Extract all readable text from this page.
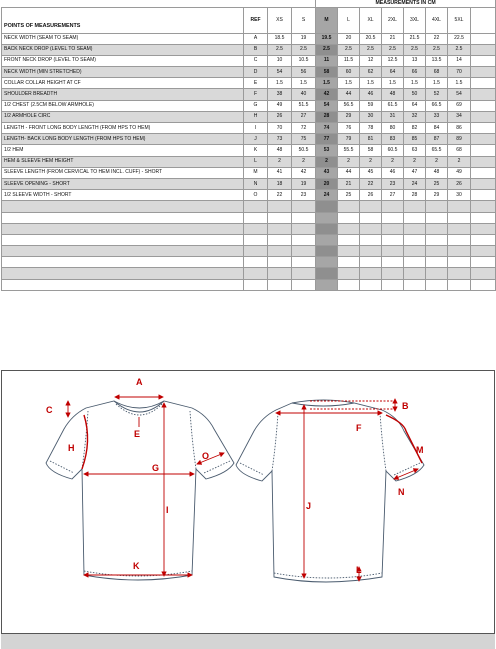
				MEASUREMENTS IN CM							
POINTS OF MEASUREMENTS	REF	XS	S	M	L	XL	2XL	3XL	4XL	5XL	
NECK WIDTH (SEAM TO SEAM)	A	18.5	19	19.5	20	20.5	21	21.5	22	22.5	
BACK NECK DROP (LEVEL TO SEAM)	B	2.5	2.5	2.5	2.5	2.5	2.5	2.5	2.5	2.5	
FRONT NECK DROP (LEVEL TO SEAM)	C	10	10.5	11	11.5	12	12.5	13	13.5	14	
NECK WIDTH (MIN STRETCHED)	D	54	56	58	60	62	64	66	68	70	
COLLAR COLLAR HEIGHT AT CF	E	1.5	1.5	1.5	1.5	1.5	1.5	1.5	1.5	1.5	
SHOULDER BREADTH	F	38	40	42	44	46	48	50	52	54	
1/2 CHEST (2.5CM BELOW ARMHOLE)	G	49	51.5	54	56.5	59	61.5	64	66.5	69	
1/2 ARMHOLE CIRC	H	26	27	28	29	30	31	32	33	34	
LENGTH - FRONT LONG BODY LENGTH (FROM HPS TO HEM)	I	70	72	74	76	78	80	82	84	86	
LENGTH- BACK LONG BODY LENGTH (FROM HPS TO HEM)	J	73	75	77	79	81	83	85	87	89	
1/2 HEM	K	48	50.5	53	55.5	58	60.5	63	65.5	68	
HEM & SLEEVE HEM HEIGHT	L	2	2	2	2	2	2	2	2	2	
SLEEVE LENGTH (FROM CERVICAL TO HEM INCL. CUFF) - SHORT	M	41	42	43	44	45	46	47	48	49	
SLEEVE OPENING - SHORT	N	18	19	20	21	22	23	24	25	26	
1/2 SLEEVE WIDTH - SHORT	O	22	23	24	25	26	27	28	29	30	

A
C
E
H
G
O
I
K
B
F
M
N
J
L
